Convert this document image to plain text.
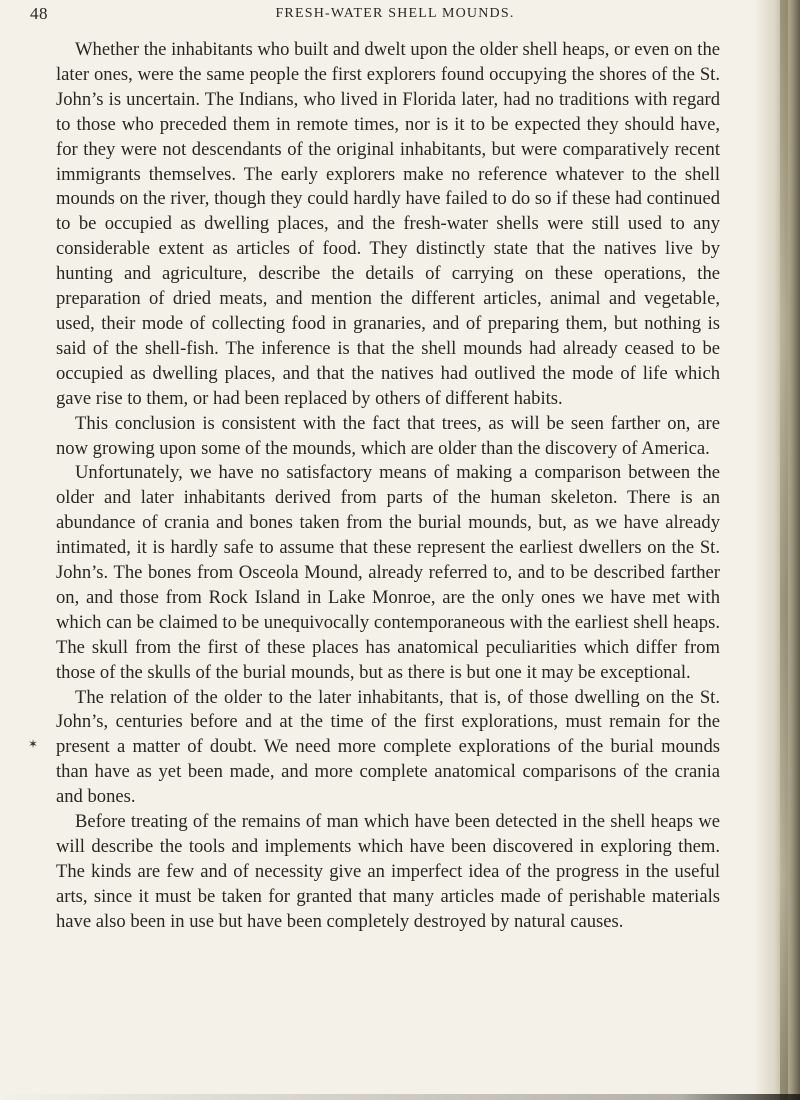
48	FRESH-WATER SHELL MOUNDS.
✶

Whether the inhabitants who built and dwelt upon the older shell heaps, or even on the later ones, were the same people the first explorers found occupying the shores of the St. John’s is uncertain. The Indians, who lived in Florida later, had no traditions with regard to those who preceded them in remote times, nor is it to be expected they should have, for they were not descendants of the original inhabitants, but were comparatively recent immigrants themselves. The early explorers make no reference whatever to the shell mounds on the river, though they could hardly have failed to do so if these had continued to be occupied as dwelling places, and the fresh-water shells were still used to any considerable extent as articles of food. They distinctly state that the natives live by hunting and agriculture, describe the details of carrying on these operations, the preparation of dried meats, and mention the different articles, animal and vegetable, used, their mode of collecting food in granaries, and of preparing them, but nothing is said of the shell-fish. The inference is that the shell mounds had already ceased to be occupied as dwelling places, and that the natives had outlived the mode of life which gave rise to them, or had been replaced by others of different habits.

This conclusion is consistent with the fact that trees, as will be seen farther on, are now growing upon some of the mounds, which are older than the discovery of America.

Unfortunately, we have no satisfactory means of making a comparison between the older and later inhabitants derived from parts of the human skeleton. There is an abundance of crania and bones taken from the burial mounds, but, as we have already intimated, it is hardly safe to assume that these represent the earliest dwellers on the St. John’s. The bones from Osceola Mound, already referred to, and to be described farther on, and those from Rock Island in Lake Monroe, are the only ones we have met with which can be claimed to be unequivocally contemporaneous with the earliest shell heaps. The skull from the first of these places has anatomical peculiarities which differ from those of the skulls of the burial mounds, but as there is but one it may be exceptional.

The relation of the older to the later inhabitants, that is, of those dwelling on the St. John’s, centuries before and at the time of the first explorations, must remain for the present a matter of doubt. We need more complete explorations of the burial mounds than have as yet been made, and more complete anatomical comparisons of the crania and bones.

Before treating of the remains of man which have been detected in the shell heaps we will describe the tools and implements which have been discovered in exploring them. The kinds are few and of necessity give an imperfect idea of the progress in the useful arts, since it must be taken for granted that many articles made of perishable materials have also been in use but have been completely destroyed by natural causes.
